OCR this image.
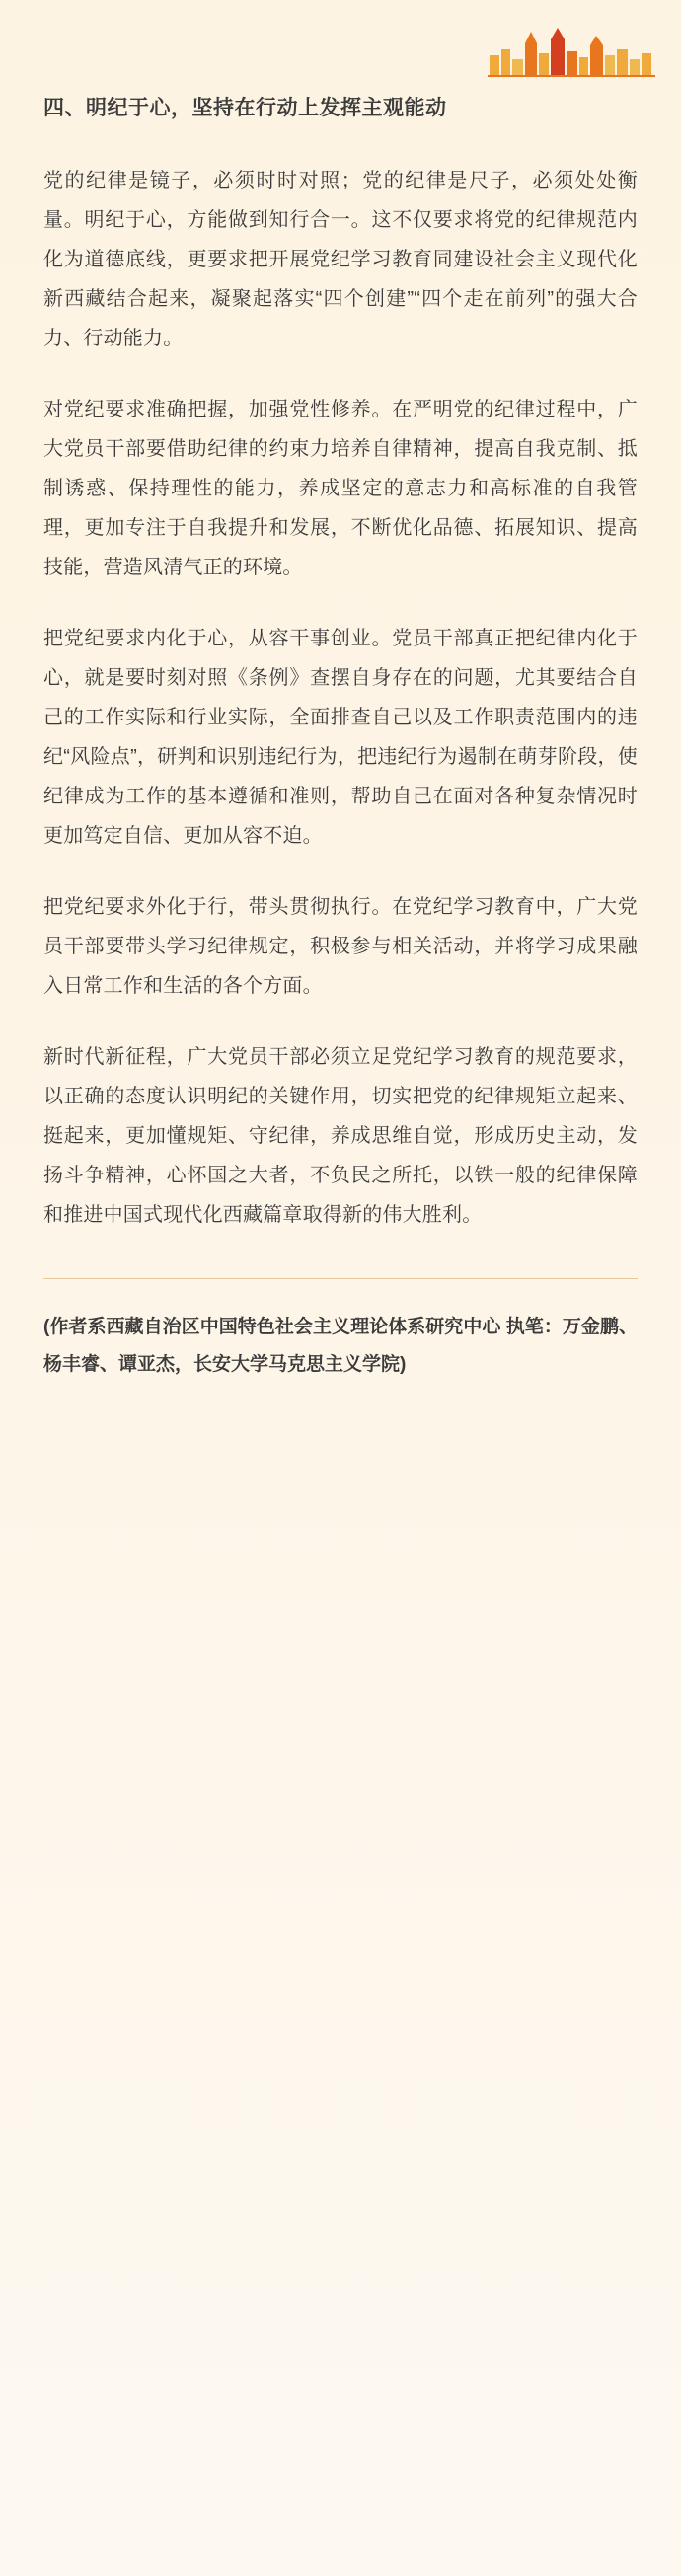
四、明纪于心，坚持在行动上发挥主观能动

党的纪律是镜子，必须时时对照；党的纪律是尺子，必须处处衡量。明纪于心，方能做到知行合一。这不仅要求将党的纪律规范内化为道德底线，更要求把开展党纪学习教育同建设社会主义现代化新西藏结合起来，凝聚起落实“四个创建”“四个走在前列”的强大合力、行动能力。

对党纪要求准确把握，加强党性修养。在严明党的纪律过程中，广大党员干部要借助纪律的约束力培养自律精神，提高自我克制、抵制诱惑、保持理性的能力，养成坚定的意志力和高标准的自我管理，更加专注于自我提升和发展，不断优化品德、拓展知识、提高技能，营造风清气正的环境。

把党纪要求内化于心，从容干事创业。党员干部真正把纪律内化于心，就是要时刻对照《条例》查摆自身存在的问题，尤其要结合自己的工作实际和行业实际，全面排查自己以及工作职责范围内的违纪“风险点”，研判和识别违纪行为，把违纪行为遏制在萌芽阶段，使纪律成为工作的基本遵循和准则，帮助自己在面对各种复杂情况时更加笃定自信、更加从容不迫。

把党纪要求外化于行，带头贯彻执行。在党纪学习教育中，广大党员干部要带头学习纪律规定，积极参与相关活动，并将学习成果融入日常工作和生活的各个方面。

新时代新征程，广大党员干部必须立足党纪学习教育的规范要求，以正确的态度认识明纪的关键作用，切实把党的纪律规矩立起来、挺起来，更加懂规矩、守纪律，养成思维自觉，形成历史主动，发扬斗争精神，心怀国之大者，不负民之所托，以铁一般的纪律保障和推进中国式现代化西藏篇章取得新的伟大胜利。

(作者系西藏自治区中国特色社会主义理论体系研究中心 执笔：万金鹏、杨丰睿、谭亚杰，长安大学马克思主义学院)
